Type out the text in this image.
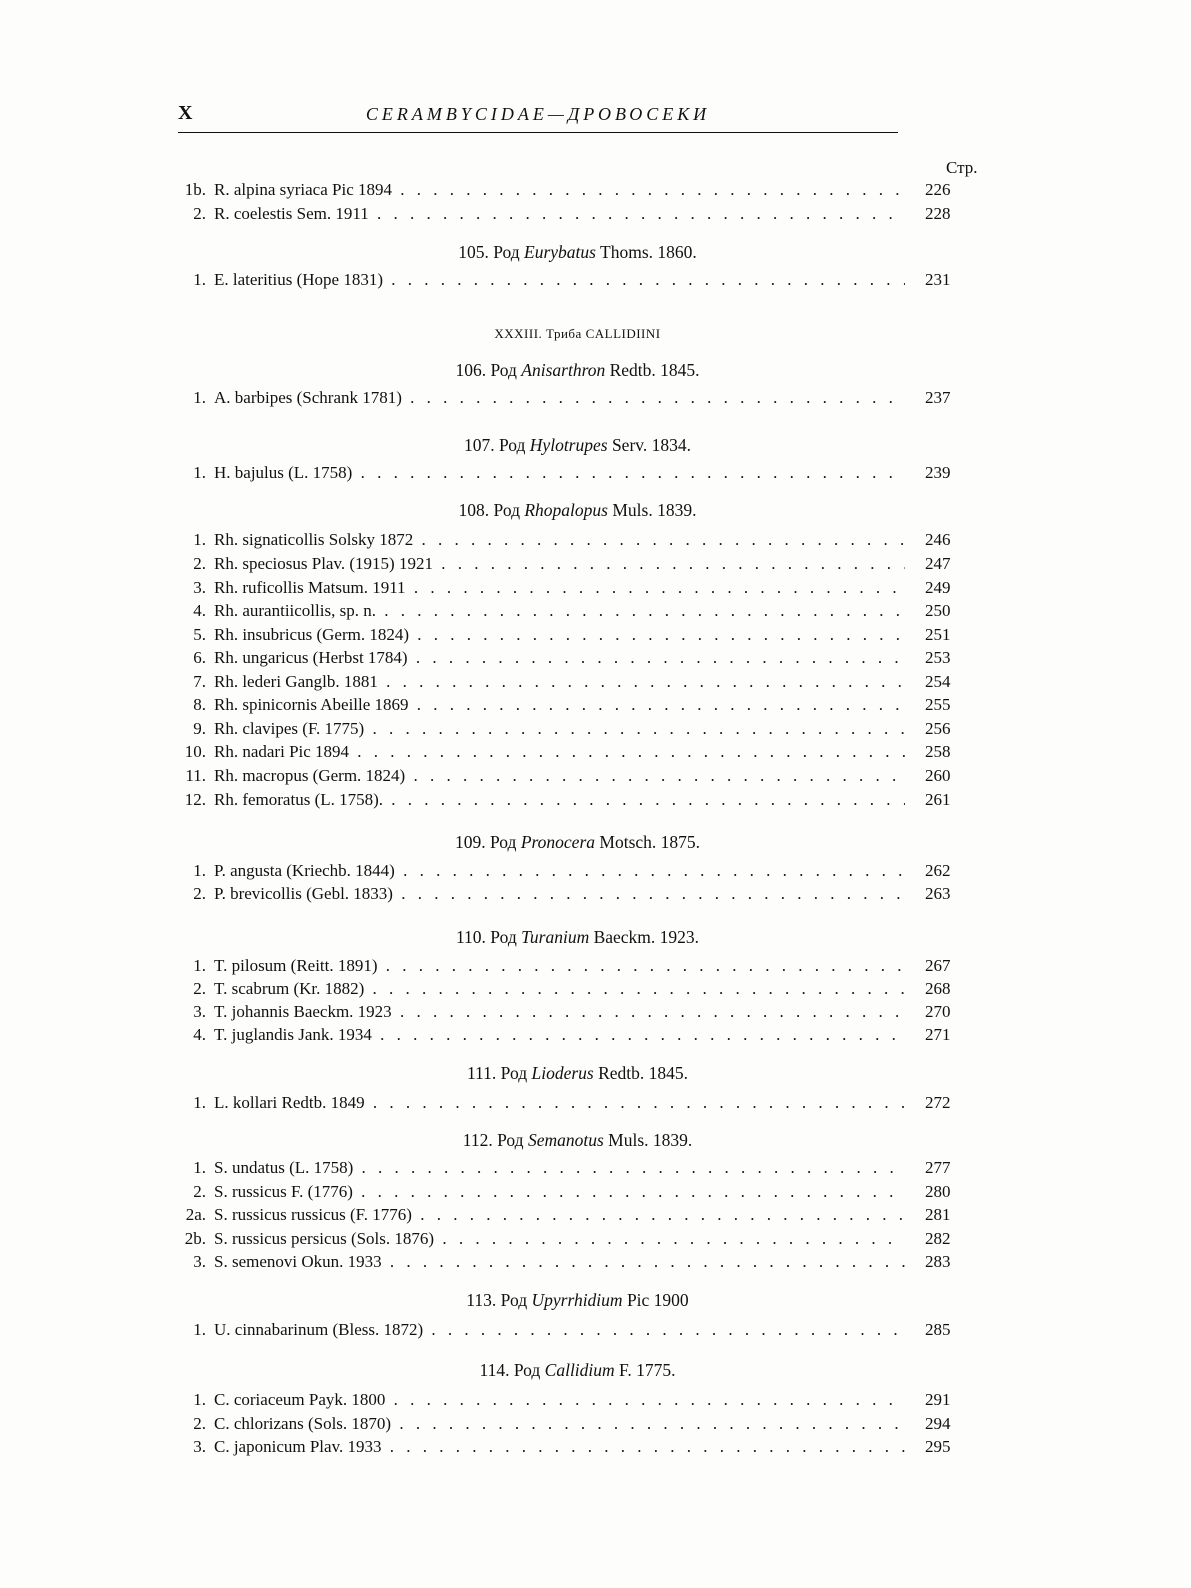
X	CERAMBYCIDAE—ДРОВОСЕКИ
Стр.
XXXIII. Триба CALLIDIINI
105. Род Eurybatus Thoms. 1860.
106. Род Anisarthron Redtb. 1845.
107. Род Hylotrupes Serv. 1834.
108. Род Rhopalopus Muls. 1839.
109. Род Pronocera Motsch. 1875.
110. Род Turanium Baeckm. 1923.
111. Род Lioderus Redtb. 1845.
112. Род Semanotus Muls. 1839.
113. Род Upyrrhidium Pic 1900
114. Род Callidium F. 1775.
1b. R. alpina syriaca Pic 1894 . . .	226
2. R. coelestis Sem. 1911 . . .	228
1. E. lateritius (Hope 1831) . . .	231
1. A. barbipes (Schrank 1781) . . .	237
1. H. bajulus (L. 1758) . . .	239
1. Rh. signaticollis Solsky 1872 . . .	246
2. Rh. speciosus Plav. (1915) 1921 . . .	247
3. Rh. ruficollis Matsum. 1911 . . .	249
4. Rh. aurantiicollis, sp. n. . . .	250
5. Rh. insubricus (Germ. 1824) . . .	251
6. Rh. ungaricus (Herbst 1784) . . .	253
7. Rh. lederi Ganglb. 1881 . . .	254
8. Rh. spinicornis Abeille 1869 . . .	255
9. Rh. clavipes (F. 1775) . . .	256
10. Rh. nadari Pic 1894 . . .	258
11. Rh. macropus (Germ. 1824) . . .	260
12. Rh. femoratus (L. 1758). . . .	261
1. P. angusta (Kriechb. 1844) . . .	262
2. P. brevicollis (Gebl. 1833) . . .	263
1. T. pilosum (Reitt. 1891) . . .	267
2. T. scabrum (Kr. 1882) . . .	268
3. T. johannis Baeckm. 1923 . . .	270
4. T. juglandis Jank. 1934 . . .	271
1. L. kollari Redtb. 1849 . . .	272
1. S. undatus (L. 1758) . . .	277
2. S. russicus F. (1776) . . .	280
2a. S. russicus russicus (F. 1776) . . .	281
2b. S. russicus persicus (Sols. 1876) . . .	282
3. S. semenovi Okun. 1933 . . .	283
1. U. cinnabarinum (Bless. 1872) . . .	285
1. C. coriaceum Payk. 1800 . . .	291
2. C. chlorizans (Sols. 1870) . . .	294
3. C. japonicum Plav. 1933 . . .	295
